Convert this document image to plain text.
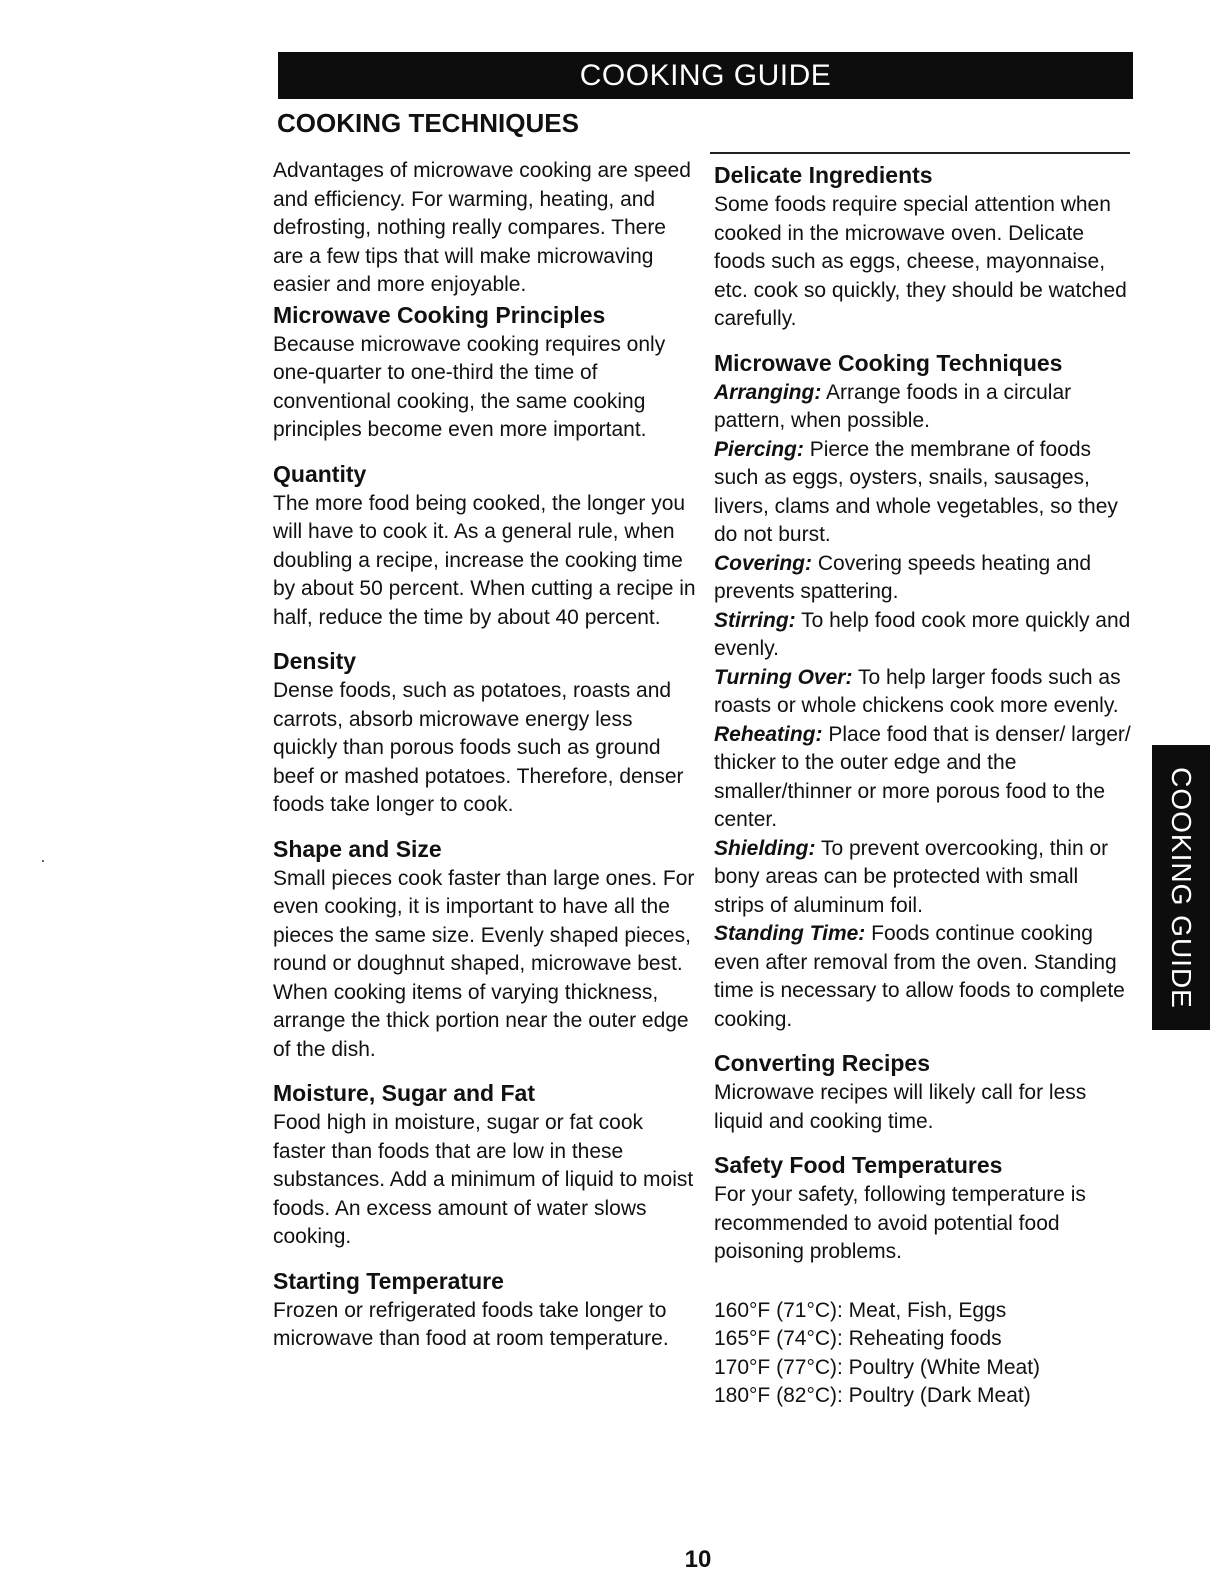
COOKING GUIDE
COOKING TECHNIQUES

Advantages of microwave cooking are speed and efficiency. For warming, heating, and defrosting, nothing really compares. There are a few tips that will make microwaving easier and more enjoyable.

Microwave Cooking Principles

Because microwave cooking requires only one-quarter to one-third the time of conventional cooking, the same cooking principles become even more important.

Quantity

The more food being cooked, the longer you will have to cook it. As a general rule, when doubling a recipe, increase the cooking time by about 50 percent. When cutting a recipe in half, reduce the time by about 40 percent.

Density

Dense foods, such as potatoes, roasts and carrots, absorb microwave energy less quickly than porous foods such as ground beef or mashed potatoes. Therefore, denser foods take longer to cook.

Shape and Size

Small pieces cook faster than large ones. For even cooking, it is important to have all the pieces the same size. Evenly shaped pieces, round or doughnut shaped, microwave best. When cooking items of varying thickness, arrange the thick portion near the outer edge of the dish.

Moisture, Sugar and Fat

Food high in moisture, sugar or fat cook faster than foods that are low in these substances. Add a minimum of liquid to moist foods. An excess amount of water slows cooking.

Starting Temperature

Frozen or refrigerated foods take longer to microwave than food at room temperature.

Delicate Ingredients

Some foods require special attention when cooked in the microwave oven. Delicate foods such as eggs, cheese, mayonnaise, etc. cook so quickly, they should be watched carefully.

Microwave Cooking Techniques

Arranging: Arrange foods in a circular pattern, when possible.

Piercing: Pierce the membrane of foods such as eggs, oysters, snails, sausages, livers, clams and whole vegetables, so they do not burst.

Covering: Covering speeds heating and prevents spattering.

Stirring: To help food cook more quickly and evenly.

Turning Over: To help larger foods such as roasts or whole chickens cook more evenly.

Reheating: Place food that is denser/ larger/ thicker to the outer edge and the smaller/thinner or more porous food to the center.

Shielding: To prevent overcooking, thin or bony areas can be protected with small strips of aluminum foil.

Standing Time: Foods continue cooking even after removal from the oven. Standing time is necessary to allow foods to complete cooking.

Converting Recipes

Microwave recipes will likely call for less liquid and cooking time.

Safety Food Temperatures

For your safety, following temperature is recommended to avoid potential food poisoning problems.

160°F (71°C): Meat, Fish, Eggs

165°F (74°C): Reheating foods

170°F (77°C): Poultry (White Meat)

180°F (82°C): Poultry (Dark Meat)

COOKING GUIDE
10
